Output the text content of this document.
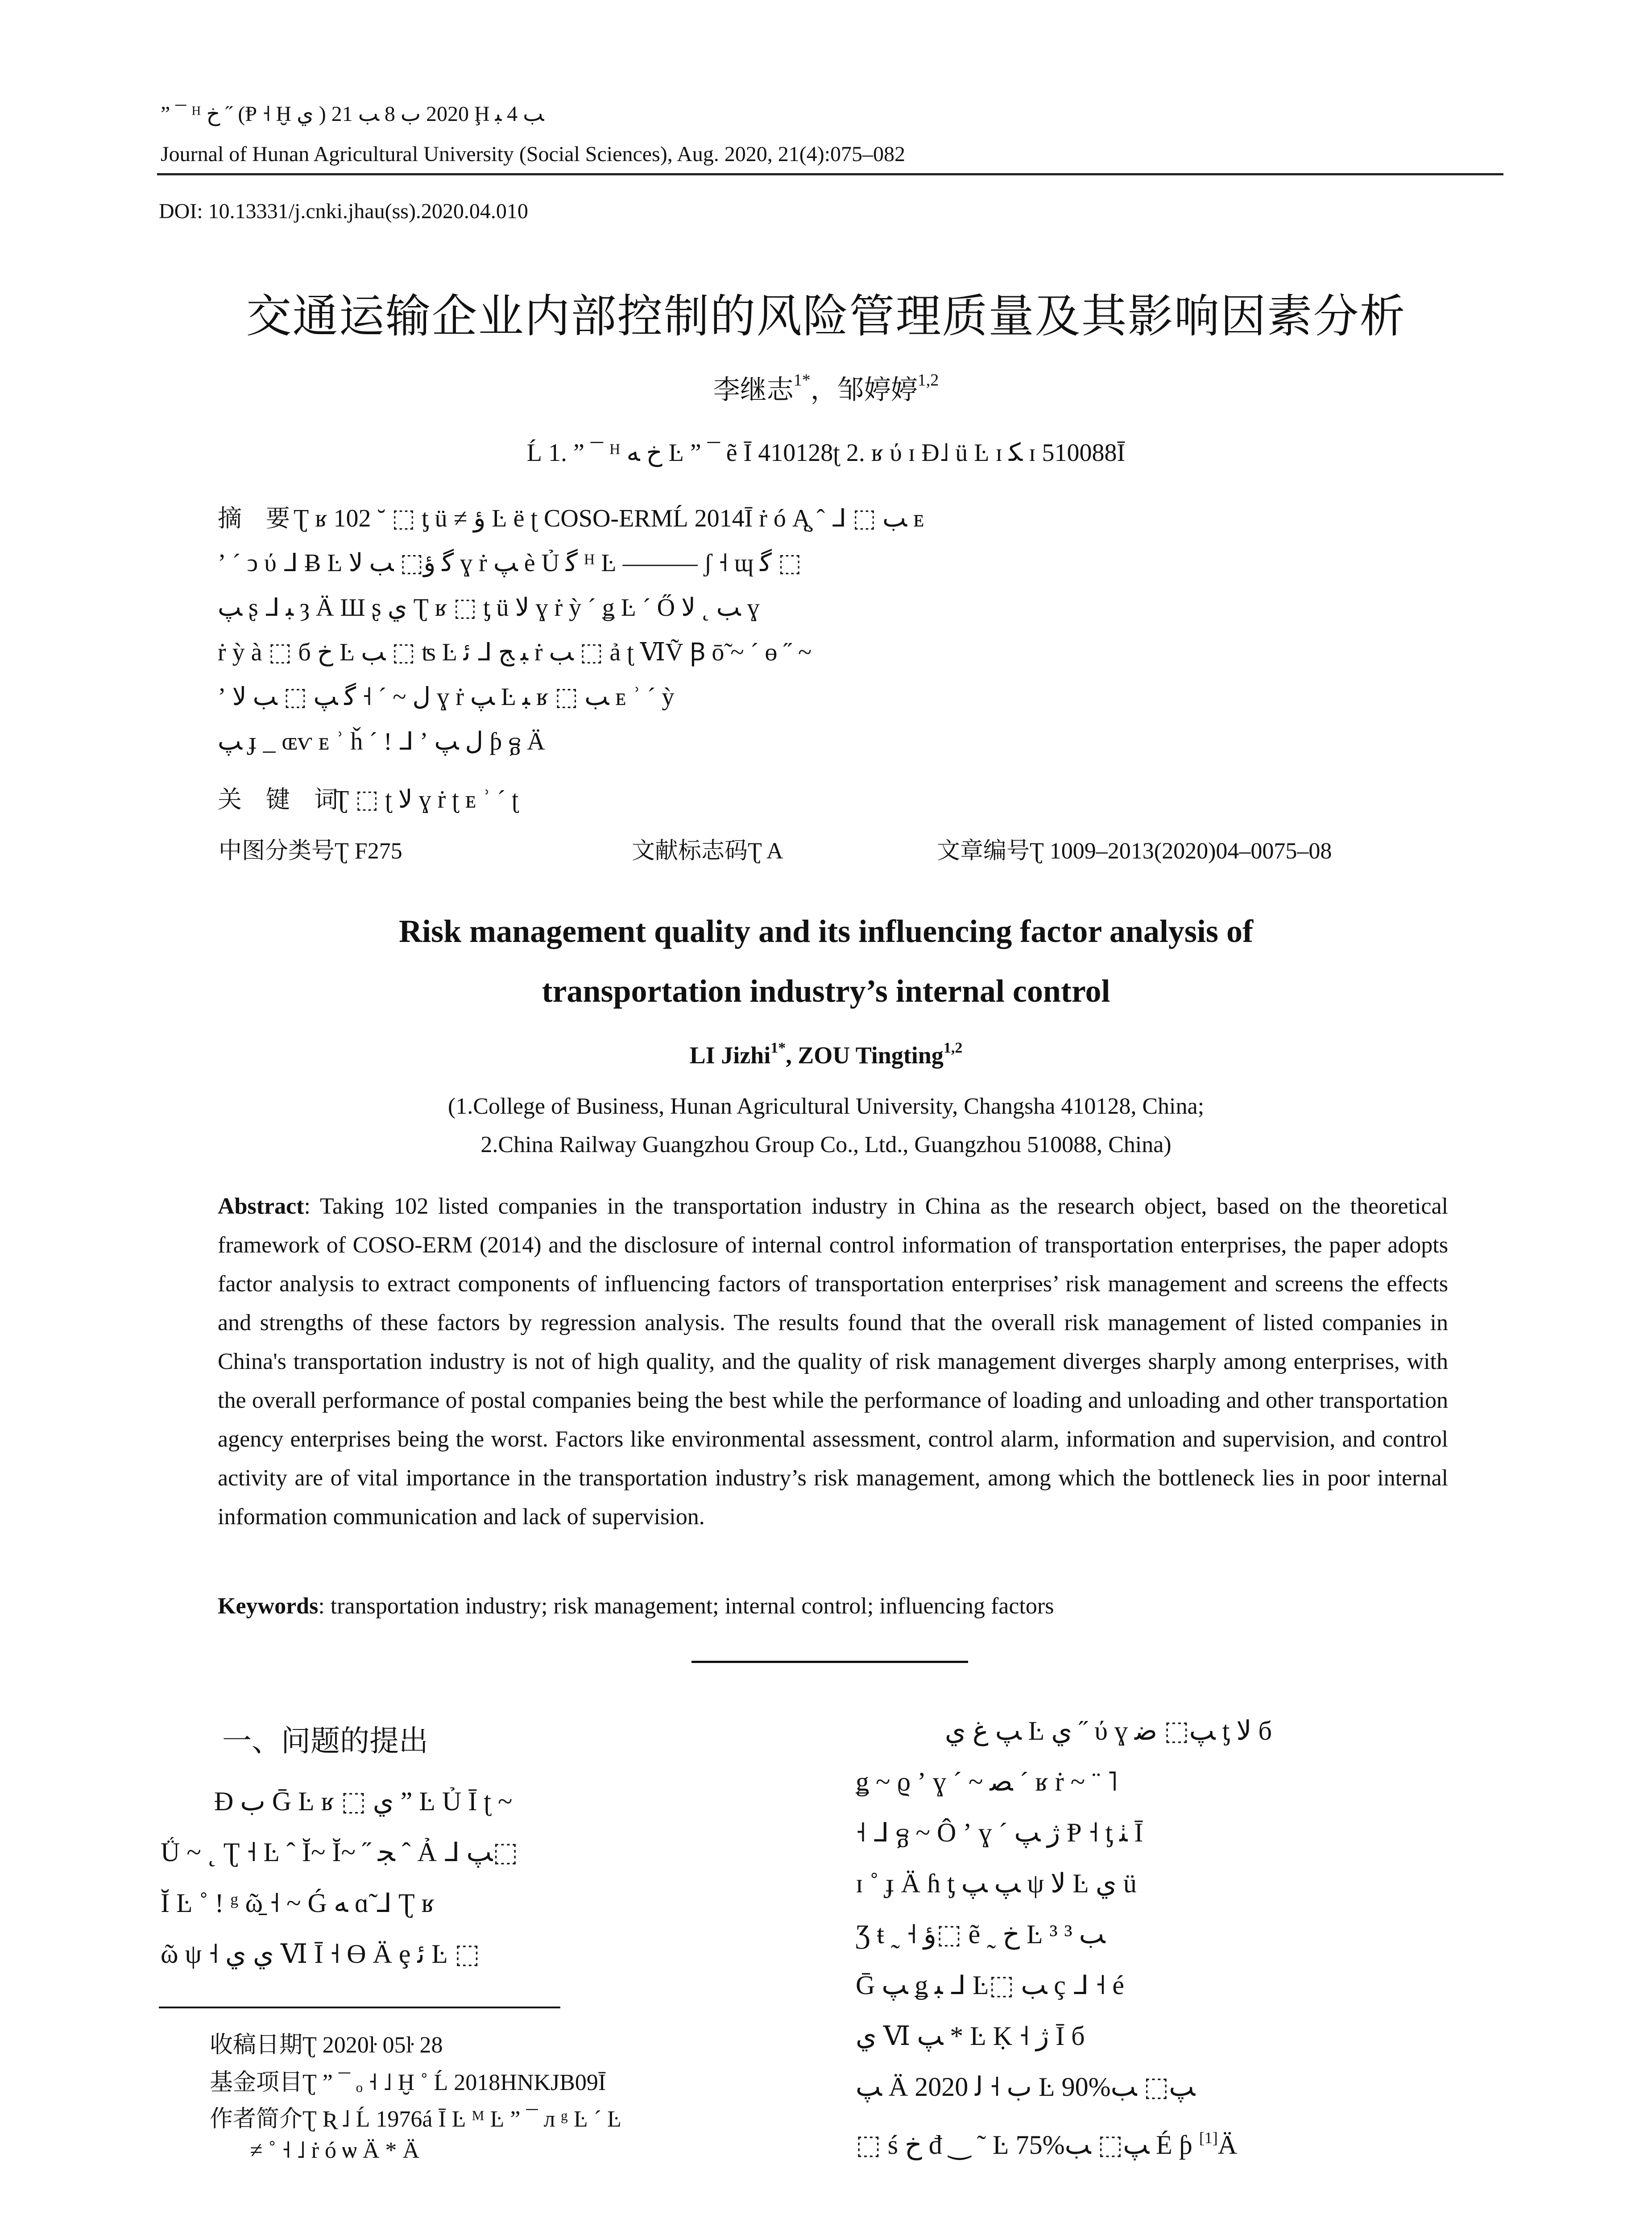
” ¯ ᴴ ﺥ ˝ (Ᵽ ˧ Ḫ ﻱ ) 2020 ﺏ 8 ﺐ 21 Ḩ ﺐ 4 ﺒ
Journal of Hunan Agricultural University (Social Sciences), Aug. 2020, 21(4):075–082
DOI: 10.13331/j.cnki.jhau(ss).2020.04.010
交通运输企业内部控制的风险管理质量及其影响因素分析
李继志$^{1*}$，邹婷婷$^{1,2}$
Ĺ 1. ” ¯ ᴴ ﺥ ﻪ Ŀ ” ¯ ẽ Ī 410128ʈ 2. ʁ ύ ɪ Ɖ˩ ü Ŀ ɪ ﮑ ɪ 510088Ī
摘　要 Ʈ ʁ 102 ˘ ⬚ ƫ ü ≠ ﺅ Ŀ ë ʈ COSO-ERMĹ 2014Ī ṙ ó Ą̧ ˆ ᒧ ⬚ ﺐ ᴇ
ʼ ˊ ↄ ύ ᒧ Ƀ Ŀ ﮔ ﺅ⬚ ﺐ ﻻ ɣ ṙ ﭗ è Ủ ﮔ ᴴ Ŀ ——— ʃ ˧ ɰ ﮔ ⬚
ﭗ ʂ ᒧ ﺒ ȝ Ä Ш ʂ ﻱ Ʈ ʁ ⬚ ƫ ü ﻻ ɣ ṙ ỳ ˊ ǥ Ŀ ˊ Ő ﺐ ˛ ﻻ ɣ
ṙ ỳ à ⬚ б ﺥ Ŀ ﺐ ⬚ ʦ Ŀ ﺋ ᒧ ﺒ ﺞ ṙ ﺐ ⬚ ả ʈ ⅥṼ Ꞵ ō̃ ~ ˊ ɵ ˝ ~
ʼ ﻝ ~ ˊ ˧ ﮔ ﭗ ⬚ ﺐ ﻻ ɣ ṙ ﭗ Ŀ ﺒ ʁ ⬚ ﺐ ᴇ ʾ ˊ ỳ
ﭗ ɟ _ ɶѵ ᴇ ʾ ȟ ˊ ǃ ᒧ ʼ ﻝ ﭗ ƥ ᵷ Ä
关　键　词
Ʈ ⬚ ʈ ﻻ ɣ ṙ ʈ ᴇ ʾ ˊ ʈ
中图分类号Ʈ F275	文献标志码Ʈ A	文章编号Ʈ 1009–2013(2020)04–0075–08
Risk management quality and its influencing factor analysis of
transportation industry’s internal control
LI Jizhi$^{1*}$, ZOU Tingting$^{1,2}$
(1.College of Business, Hunan Agricultural University, Changsha 410128, China;
2.China Railway Guangzhou Group Co., Ltd., Guangzhou 510088, China)
Abstract: Taking 102 listed companies in the transportation industry in China as the research object, based on the theoretical framework of COSO-ERM (2014) and the disclosure of internal control information of transportation enterprises, the paper adopts factor analysis to extract components of influencing factors of transportation enterprises’ risk management and screens the effects and strengths of these factors by regression analysis. The results found that the overall risk management of listed companies in China's transportation industry is not of high quality, and the quality of risk management diverges sharply among enterprises, with the overall performance of postal companies being the best while the performance of loading and unloading and other transportation agency enterprises being the worst. Factors like environmental assessment, control alarm, information and supervision, and control activity are of vital importance in the transportation industry’s risk management, among which the bottleneck lies in poor internal information communication and lack of supervision.
Keywords: transportation industry; risk management; internal control; influencing factors
一、问题的提出
Ɖ ﺏ Ḡ Ŀ ʁ ⬚ ﻱ ” Ŀ Ủ Ī ʈ ~
Ǘ ~ ˛ Ʈ ˧ Ŀ ˆ Ῐ~ Ῐ~ ˝ ﺠ ˆ Ả ᒧ ﭗ⬚
Ῐ Ŀ ˚ ǃ ᵍ ῶ̱ ˧ ~ Ǵ ﻪ ɑ̃ ᒧ Ʈ ʁ
ῶ ψ ˧ ﻱ ﻱ Ⅵ Ī ˧ ϴ Ä ȩ ﺋ Ŀ ⬚
收稿日期Ʈ 2020ŀ 05ŀ 28
基金项目Ʈ ” ¯ ₒ ˧ ˩ Ḫ ˚ Ĺ 2018HNKJB09Ī
作者简介Ʈ Ʀ ˩ Ĺ 1976á Ī Ŀ ᴹ Ŀ ” ¯ л ᵍ Ŀ ˊ Ŀ
≠ ˚ ˧ ˩ ṙ ó ѡ Ä * Ä
ﭗ ﻍ ﻱ Ŀ ﻱ ˝ ύ ɣ ﭗ⬚ ﺿ ƫ ﻻ б
ǥ ~ ϱ ʼ ɣ ˊ ~ ﺼ ˊ ʁ ṙ ~ ¨ ˥
˧ ᒧ ᵷ ~ Ô ʼ ɣ ˊ ژ ﭗ Ᵽ ˧ ƫ ﭡ Ī
ɪ ˚ ɟ Ä ɦ ƫ ﭗ ﭗ ψ ﻻ Ŀ ﻱ ü
Ʒ ŧ ˷ ˧ ﺅ⬚ ẽ ˷ ﺥ Ŀ ³ ³ ﺐ
Ḡ ﭗ ǥ ﺒ ᒧ Ŀ⬚ ﺐ ç ᒧ ˧ é
ﻱ Ⅵ ﭗ * Ŀ Ḳ ˧ ژ Ī б
ﭗ Ä 2020 ﺏ ˧ ﻟ Ŀ 90%ﭗ⬚ ﺐ
⬚ ś ﺥ đ ‿ ˜ Ŀ 75%ﭗ⬚ ﺐ É ƥ [1]Ä
